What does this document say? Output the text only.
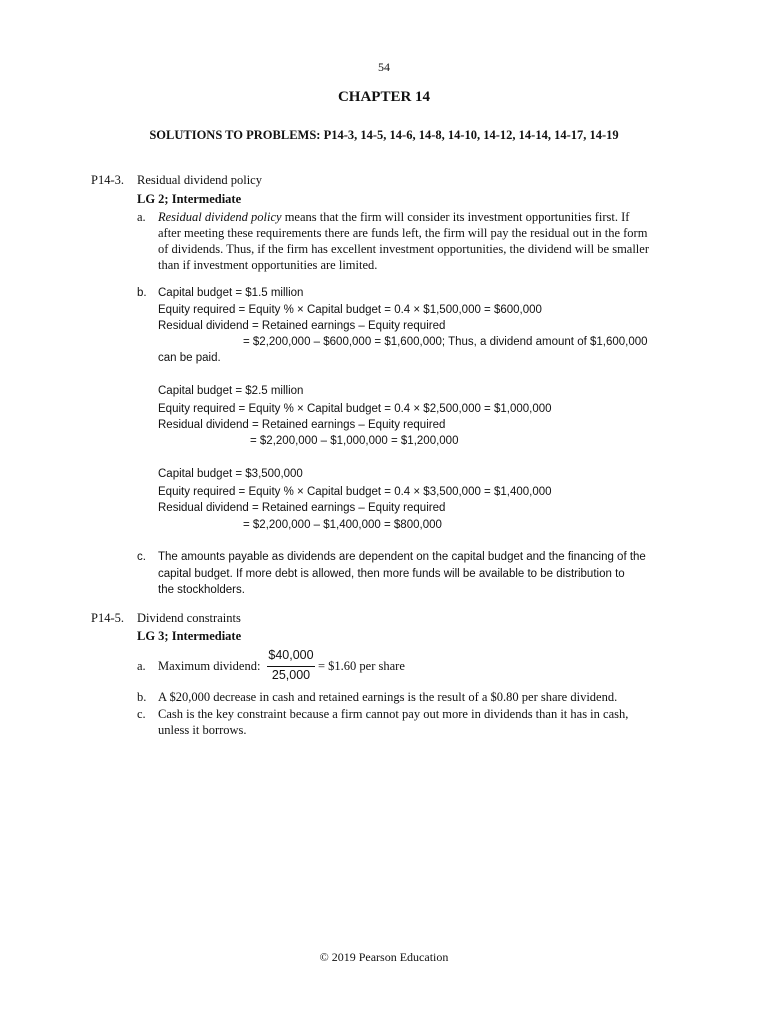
54
CHAPTER 14
SOLUTIONS TO PROBLEMS: P14-3, 14-5, 14-6, 14-8, 14-10, 14-12, 14-14, 14-17, 14-19
P14-3. Residual dividend policy
LG 2; Intermediate
a. Residual dividend policy means that the firm will consider its investment opportunities first. If
after meeting these requirements there are funds left, the firm will pay the residual out in the form
of dividends. Thus, if the firm has excellent investment opportunities, the dividend will be smaller
than if investment opportunities are limited.
b. Capital budget = $1.5 million
Equity required = Equity % × Capital budget = 0.4 × $1,500,000 = $600,000
Residual dividend = Retained earnings – Equity required
= $2,200,000 – $600,000 = $1,600,000; Thus, a dividend amount of $1,600,000
can be paid.
Capital budget = $2.5 million
Equity required = Equity % × Capital budget = 0.4 × $2,500,000 = $1,000,000
Residual dividend = Retained earnings – Equity required
= $2,200,000 – $1,000,000 = $1,200,000
Capital budget = $3,500,000
Equity required = Equity % × Capital budget = 0.4 × $3,500,000 = $1,400,000
Residual dividend = Retained earnings – Equity required
= $2,200,000 – $1,400,000 = $800,000
c. The amounts payable as dividends are dependent on the capital budget and the financing of the
capital budget. If more debt is allowed, then more funds will be available to be distribution to
the stockholders.
P14-5. Dividend constraints
LG 3; Intermediate
a. Maximum dividend:
$40,000
25,000
= $1.60 per share
b. A $20,000 decrease in cash and retained earnings is the result of a $0.80 per share dividend.
c. Cash is the key constraint because a firm cannot pay out more in dividends than it has in cash,
unless it borrows.
© 2019 Pearson Education
